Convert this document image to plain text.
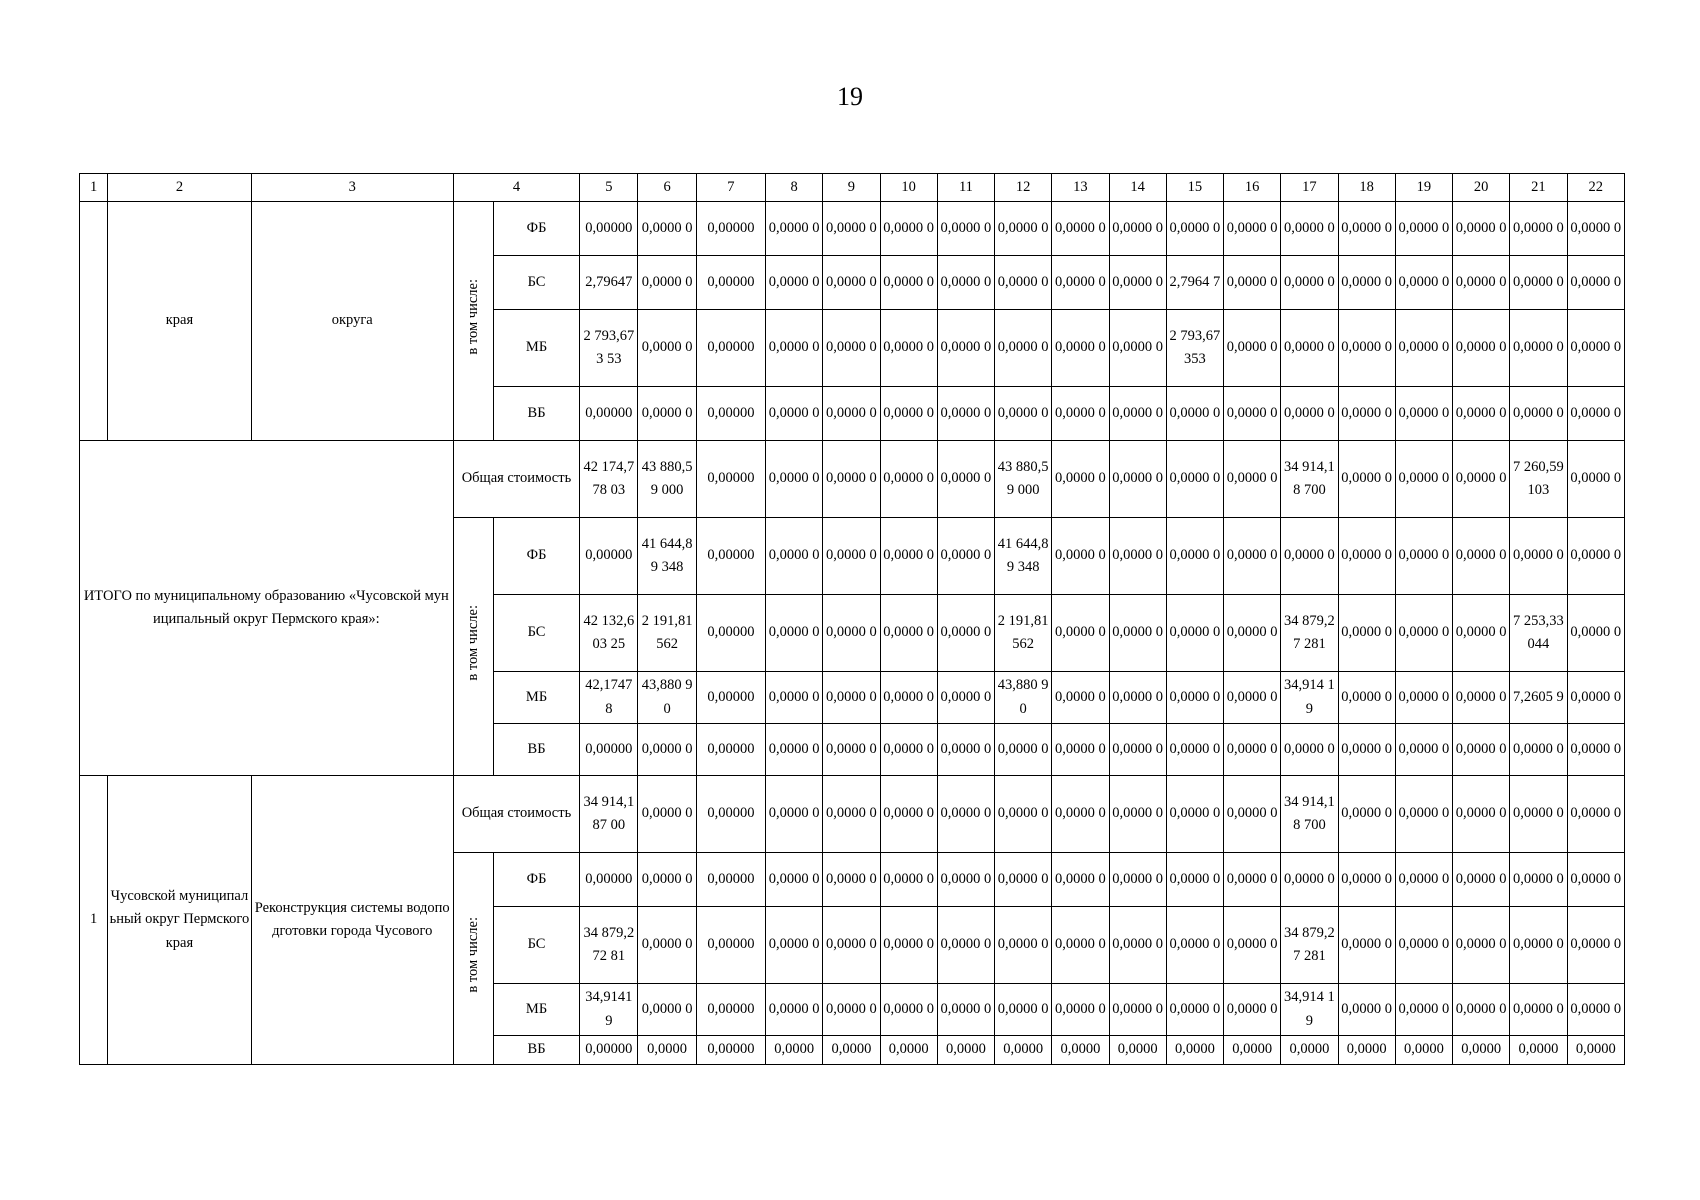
19
1	2	3	4		5	6	7	8	9	10	11	12	13	14	15	16	17	18	19	20	21	22
	края	округа	в том числе:	ФБ	0,00000	0,0000 0	0,00000	0,0000 0	0,0000 0	0,0000 0	0,0000 0	0,0000 0	0,0000 0	0,0000 0	0,0000 0	0,0000 0	0,0000 0	0,0000 0	0,0000 0	0,0000 0	0,0000 0	0,0000 0
				БС	2,79647	0,0000 0	0,00000	0,0000 0	0,0000 0	0,0000 0	0,0000 0	0,0000 0	0,0000 0	0,0000 0	2,7964 7	0,0000 0	0,0000 0	0,0000 0	0,0000 0	0,0000 0	0,0000 0	0,0000 0
				МБ	2 793,673 53	0,0000 0	0,00000	0,0000 0	0,0000 0	0,0000 0	0,0000 0	0,0000 0	0,0000 0	0,0000 0	2 793,67 353	0,0000 0	0,0000 0	0,0000 0	0,0000 0	0,0000 0	0,0000 0	0,0000 0
				ВБ	0,00000	0,0000 0	0,00000	0,0000 0	0,0000 0	0,0000 0	0,0000 0	0,0000 0	0,0000 0	0,0000 0	0,0000 0	0,0000 0	0,0000 0	0,0000 0	0,0000 0	0,0000 0	0,0000 0	0,0000 0
ИТОГО по муниципальному образованию «Чусовской муниципальный округ Пермского края»:			Общая стоимость		42 174,778 03	43 880,59 000	0,00000	0,0000 0	0,0000 0	0,0000 0	0,0000 0	43 880,59 000	0,0000 0	0,0000 0	0,0000 0	0,0000 0	34 914,18 700	0,0000 0	0,0000 0	0,0000 0	7 260,59 103	0,0000 0
			в том числе:	ФБ	0,00000	41 644,89 348	0,00000	0,0000 0	0,0000 0	0,0000 0	0,0000 0	41 644,89 348	0,0000 0	0,0000 0	0,0000 0	0,0000 0	0,0000 0	0,0000 0	0,0000 0	0,0000 0	0,0000 0	0,0000 0
				БС	42 132,603 25	2 191,81 562	0,00000	0,0000 0	0,0000 0	0,0000 0	0,0000 0	2 191,81 562	0,0000 0	0,0000 0	0,0000 0	0,0000 0	34 879,27 281	0,0000 0	0,0000 0	0,0000 0	7 253,33 044	0,0000 0
				МБ	42,1747 8	43,880 90	0,00000	0,0000 0	0,0000 0	0,0000 0	0,0000 0	43,880 90	0,0000 0	0,0000 0	0,0000 0	0,0000 0	34,914 19	0,0000 0	0,0000 0	0,0000 0	7,2605 9	0,0000 0
				ВБ	0,00000	0,0000 0	0,00000	0,0000 0	0,0000 0	0,0000 0	0,0000 0	0,0000 0	0,0000 0	0,0000 0	0,0000 0	0,0000 0	0,0000 0	0,0000 0	0,0000 0	0,0000 0	0,0000 0	0,0000 0
1	Чусовской муниципальный округ Пермского края	Реконструкция системы водоподготовки города Чусового	Общая стоимость		34 914,187 00	0,0000 0	0,00000	0,0000 0	0,0000 0	0,0000 0	0,0000 0	0,0000 0	0,0000 0	0,0000 0	0,0000 0	0,0000 0	34 914,18 700	0,0000 0	0,0000 0	0,0000 0	0,0000 0	0,0000 0
			в том числе:	ФБ	0,00000	0,0000 0	0,00000	0,0000 0	0,0000 0	0,0000 0	0,0000 0	0,0000 0	0,0000 0	0,0000 0	0,0000 0	0,0000 0	0,0000 0	0,0000 0	0,0000 0	0,0000 0	0,0000 0	0,0000 0
				БС	34 879,272 81	0,0000 0	0,00000	0,0000 0	0,0000 0	0,0000 0	0,0000 0	0,0000 0	0,0000 0	0,0000 0	0,0000 0	0,0000 0	34 879,27 281	0,0000 0	0,0000 0	0,0000 0	0,0000 0	0,0000 0
				МБ	34,9141 9	0,0000 0	0,00000	0,0000 0	0,0000 0	0,0000 0	0,0000 0	0,0000 0	0,0000 0	0,0000 0	0,0000 0	0,0000 0	34,914 19	0,0000 0	0,0000 0	0,0000 0	0,0000 0	0,0000 0
				ВБ	0,00000	0,0000	0,00000	0,0000	0,0000	0,0000	0,0000	0,0000	0,0000	0,0000	0,0000	0,0000	0,0000	0,0000	0,0000	0,0000	0,0000	0,0000
